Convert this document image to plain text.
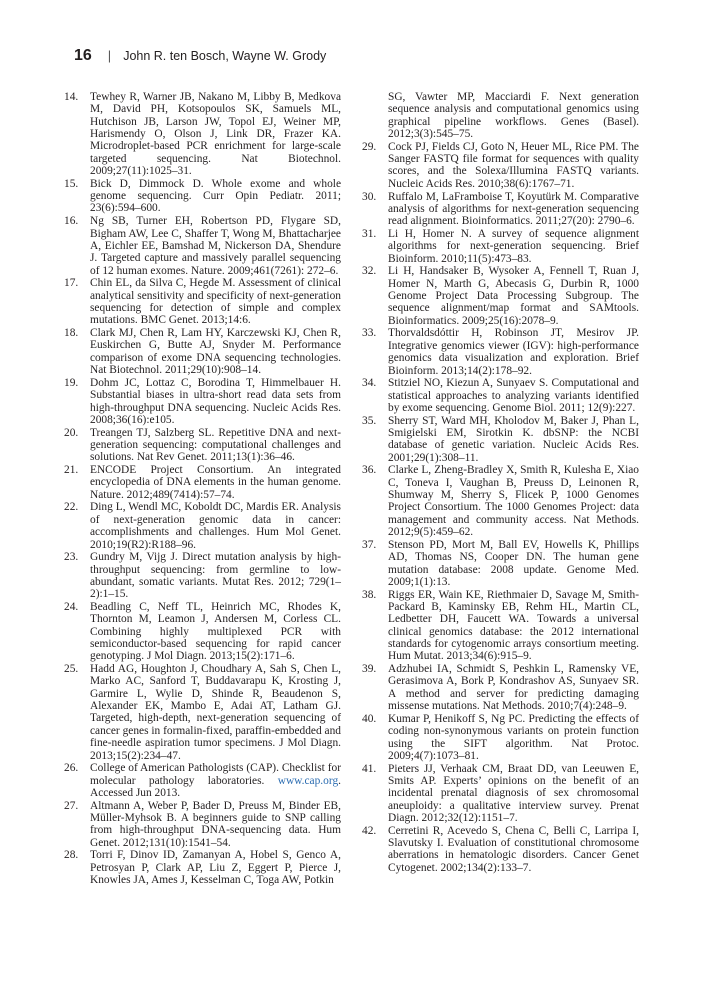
16 | John R. ten Bosch, Wayne W. Grody
14.	Tewhey R, Warner JB, Nakano M, Libby B, Medkova M, David PH, Kotsopoulos SK, Samuels ML, Hutchison JB, Larson JW, Topol EJ, Weiner MP, Harismendy O, Olson J, Link DR, Frazer KA. Microdroplet-based PCR enrichment for large-scale targeted sequencing. Nat Biotechnol. 2009;27(11):1025–31.
15.	Bick D, Dimmock D. Whole exome and whole genome sequencing. Curr Opin Pediatr. 2011; 23(6):594–600.
16.	Ng SB, Turner EH, Robertson PD, Flygare SD, Bigham AW, Lee C, Shaffer T, Wong M, Bhattacharjee A, Eichler EE, Bamshad M, Nickerson DA, Shendure J. Targeted capture and massively parallel sequencing of 12 human exomes. Nature. 2009;461(7261): 272–6.
17.	Chin EL, da Silva C, Hegde M. Assessment of clinical analytical sensitivity and specificity of next-generation sequencing for detection of simple and complex mutations. BMC Genet. 2013;14:6.
18.	Clark MJ, Chen R, Lam HY, Karczewski KJ, Chen R, Euskirchen G, Butte AJ, Snyder M. Performance comparison of exome DNA sequencing technologies. Nat Biotechnol. 2011;29(10):908–14.
19.	Dohm JC, Lottaz C, Borodina T, Himmelbauer H. Substantial biases in ultra-short read data sets from high-throughput DNA sequencing. Nucleic Acids Res. 2008;36(16):e105.
20.	Treangen TJ, Salzberg SL. Repetitive DNA and next-generation sequencing: computational challenges and solutions. Nat Rev Genet. 2011;13(1):36–46.
21.	ENCODE Project Consortium. An integrated encyclopedia of DNA elements in the human genome. Nature. 2012;489(7414):57–74.
22.	Ding L, Wendl MC, Koboldt DC, Mardis ER. Analysis of next-generation genomic data in cancer: accomplishments and challenges. Hum Mol Genet. 2010;19(R2):R188–96.
23.	Gundry M, Vijg J. Direct mutation analysis by high-throughput sequencing: from germline to low-abundant, somatic variants. Mutat Res. 2012; 729(1–2):1–15.
24.	Beadling C, Neff TL, Heinrich MC, Rhodes K, Thornton M, Leamon J, Andersen M, Corless CL. Combining highly multiplexed PCR with semiconductor-based sequencing for rapid cancer genotyping. J Mol Diagn. 2013;15(2):171–6.
25.	Hadd AG, Houghton J, Choudhary A, Sah S, Chen L, Marko AC, Sanford T, Buddavarapu K, Krosting J, Garmire L, Wylie D, Shinde R, Beaudenon S, Alexander EK, Mambo E, Adai AT, Latham GJ. Targeted, high-depth, next-generation sequencing of cancer genes in formalin-fixed, paraffin-embedded and fine-needle aspiration tumor specimens. J Mol Diagn. 2013;15(2):234–47.
26.	College of American Pathologists (CAP). Checklist for molecular pathology laboratories. www.cap.org. Accessed Jun 2013.
27.	Altmann A, Weber P, Bader D, Preuss M, Binder EB, Müller-Myhsok B. A beginners guide to SNP calling from high-throughput DNA-sequencing data. Hum Genet. 2012;131(10):1541–54.
28.	Torri F, Dinov ID, Zamanyan A, Hobel S, Genco A, Petrosyan P, Clark AP, Liu Z, Eggert P, Pierce J, Knowles JA, Ames J, Kesselman C, Toga AW, Potkin
SG, Vawter MP, Macciardi F. Next generation sequence analysis and computational genomics using graphical pipeline workflows. Genes (Basel). 2012;3(3):545–75.
29.	Cock PJ, Fields CJ, Goto N, Heuer ML, Rice PM. The Sanger FASTQ file format for sequences with quality scores, and the Solexa/Illumina FASTQ variants. Nucleic Acids Res. 2010;38(6):1767–71.
30.	Ruffalo M, LaFramboise T, Koyutürk M. Comparative analysis of algorithms for next-generation sequencing read alignment. Bioinformatics. 2011;27(20): 2790–6.
31.	Li H, Homer N. A survey of sequence alignment algorithms for next-generation sequencing. Brief Bioinform. 2010;11(5):473–83.
32.	Li H, Handsaker B, Wysoker A, Fennell T, Ruan J, Homer N, Marth G, Abecasis G, Durbin R, 1000 Genome Project Data Processing Subgroup. The sequence alignment/map format and SAMtools. Bioinformatics. 2009;25(16):2078–9.
33.	Thorvaldsdóttir H, Robinson JT, Mesirov JP. Integrative genomics viewer (IGV): high-performance genomics data visualization and exploration. Brief Bioinform. 2013;14(2):178–92.
34.	Stitziel NO, Kiezun A, Sunyaev S. Computational and statistical approaches to analyzing variants identified by exome sequencing. Genome Biol. 2011; 12(9):227.
35.	Sherry ST, Ward MH, Kholodov M, Baker J, Phan L, Smigielski EM, Sirotkin K. dbSNP: the NCBI database of genetic variation. Nucleic Acids Res. 2001;29(1):308–11.
36.	Clarke L, Zheng-Bradley X, Smith R, Kulesha E, Xiao C, Toneva I, Vaughan B, Preuss D, Leinonen R, Shumway M, Sherry S, Flicek P, 1000 Genomes Project Consortium. The 1000 Genomes Project: data management and community access. Nat Methods. 2012;9(5):459–62.
37.	Stenson PD, Mort M, Ball EV, Howells K, Phillips AD, Thomas NS, Cooper DN. The human gene mutation database: 2008 update. Genome Med. 2009;1(1):13.
38.	Riggs ER, Wain KE, Riethmaier D, Savage M, Smith-Packard B, Kaminsky EB, Rehm HL, Martin CL, Ledbetter DH, Faucett WA. Towards a universal clinical genomics database: the 2012 international standards for cytogenomic arrays consortium meeting. Hum Mutat. 2013;34(6):915–9.
39.	Adzhubei IA, Schmidt S, Peshkin L, Ramensky VE, Gerasimova A, Bork P, Kondrashov AS, Sunyaev SR. A method and server for predicting damaging missense mutations. Nat Methods. 2010;7(4):248–9.
40.	Kumar P, Henikoff S, Ng PC. Predicting the effects of coding non-synonymous variants on protein function using the SIFT algorithm. Nat Protoc. 2009;4(7):1073–81.
41.	Pieters JJ, Verhaak CM, Braat DD, van Leeuwen E, Smits AP. Experts’ opinions on the benefit of an incidental prenatal diagnosis of sex chromosomal aneuploidy: a qualitative interview survey. Prenat Diagn. 2012;32(12):1151–7.
42.	Cerretini R, Acevedo S, Chena C, Belli C, Larripa I, Slavutsky I. Evaluation of constitutional chromosome aberrations in hematologic disorders. Cancer Genet Cytogenet. 2002;134(2):133–7.
